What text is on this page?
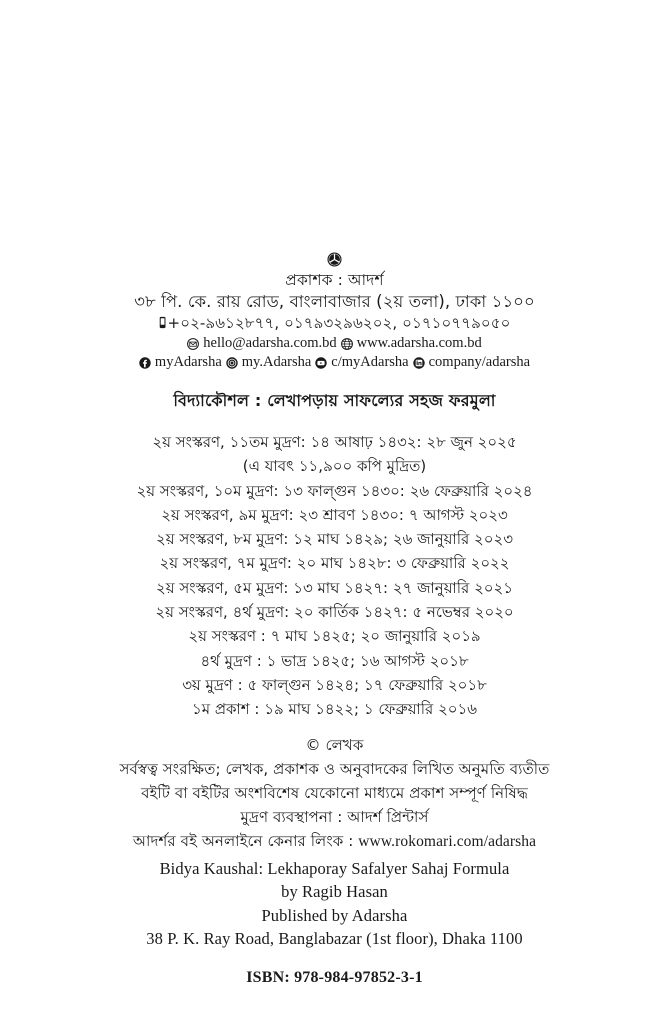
প্রকাশক : আদর্শ
৩৮ পি. কে. রায় রোড, বাংলাবাজার (২য় তলা), ঢাকা ১১০০
+০২-৯৬১২৮৭৭, ০১৭৯৩২৯৬২০২, ০১৭১০৭৭৯০৫০
hello@adarsha.com.bd www.adarsha.com.bd
myAdarsha my.Adarsha c/myAdarsha company/adarsha
বিদ্যাকৌশল : লেখাপড়ায় সাফল্যের সহজ ফরমুলা
২য় সংস্করণ, ১১তম মুদ্রণ: ১৪ আষাঢ় ১৪৩২: ২৮ জুন ২০২৫
(এ যাবৎ ১১,৯০০ কপি মুদ্রিত)
২য় সংস্করণ, ১০ম মুদ্রণ: ১৩ ফাল্গুন ১৪৩০: ২৬ ফেব্রুয়ারি ২০২৪
২য় সংস্করণ, ৯ম মুদ্রণ: ২৩ শ্রাবণ ১৪৩০: ৭ আগস্ট ২০২৩
২য় সংস্করণ, ৮ম মুদ্রণ: ১২ মাঘ ১৪২৯; ২৬ জানুয়ারি ২০২৩
২য় সংস্করণ, ৭ম মুদ্রণ: ২০ মাঘ ১৪২৮: ৩ ফেব্রুয়ারি ২০২২
২য় সংস্করণ, ৫ম মুদ্রণ: ১৩ মাঘ ১৪২৭: ২৭ জানুয়ারি ২০২১
২য় সংস্করণ, ৪র্থ মুদ্রণ: ২০ কার্তিক ১৪২৭: ৫ নভেম্বর ২০২০
২য় সংস্করণ : ৭ মাঘ ১৪২৫; ২০ জানুয়ারি ২০১৯
৪র্থ মুদ্রণ : ১ ভাদ্র ১৪২৫; ১৬ আগস্ট ২০১৮
৩য় মুদ্রণ : ৫ ফাল্গুন ১৪২৪; ১৭ ফেব্রুয়ারি ২০১৮
১ম প্রকাশ : ১৯ মাঘ ১৪২২; ১ ফেব্রুয়ারি ২০১৬
© লেখক
সর্বস্বত্ব সংরক্ষিত; লেখক, প্রকাশক ও অনুবাদকের লিখিত অনুমতি ব্যতীত
বইটি বা বইটির অংশবিশেষ যেকোনো মাধ্যমে প্রকাশ সম্পূর্ণ নিষিদ্ধ
মুদ্রণ ব্যবস্থাপনা : আদর্শ প্রিন্টার্স
আদর্শর বই অনলাইনে কেনার লিংক : www.rokomari.com/adarsha
Bidya Kaushal: Lekhaporay Safalyer Sahaj Formula
by Ragib Hasan
Published by Adarsha
38 P. K. Ray Road, Banglabazar (1st floor), Dhaka 1100
ISBN: 978-984-97852-3-1
